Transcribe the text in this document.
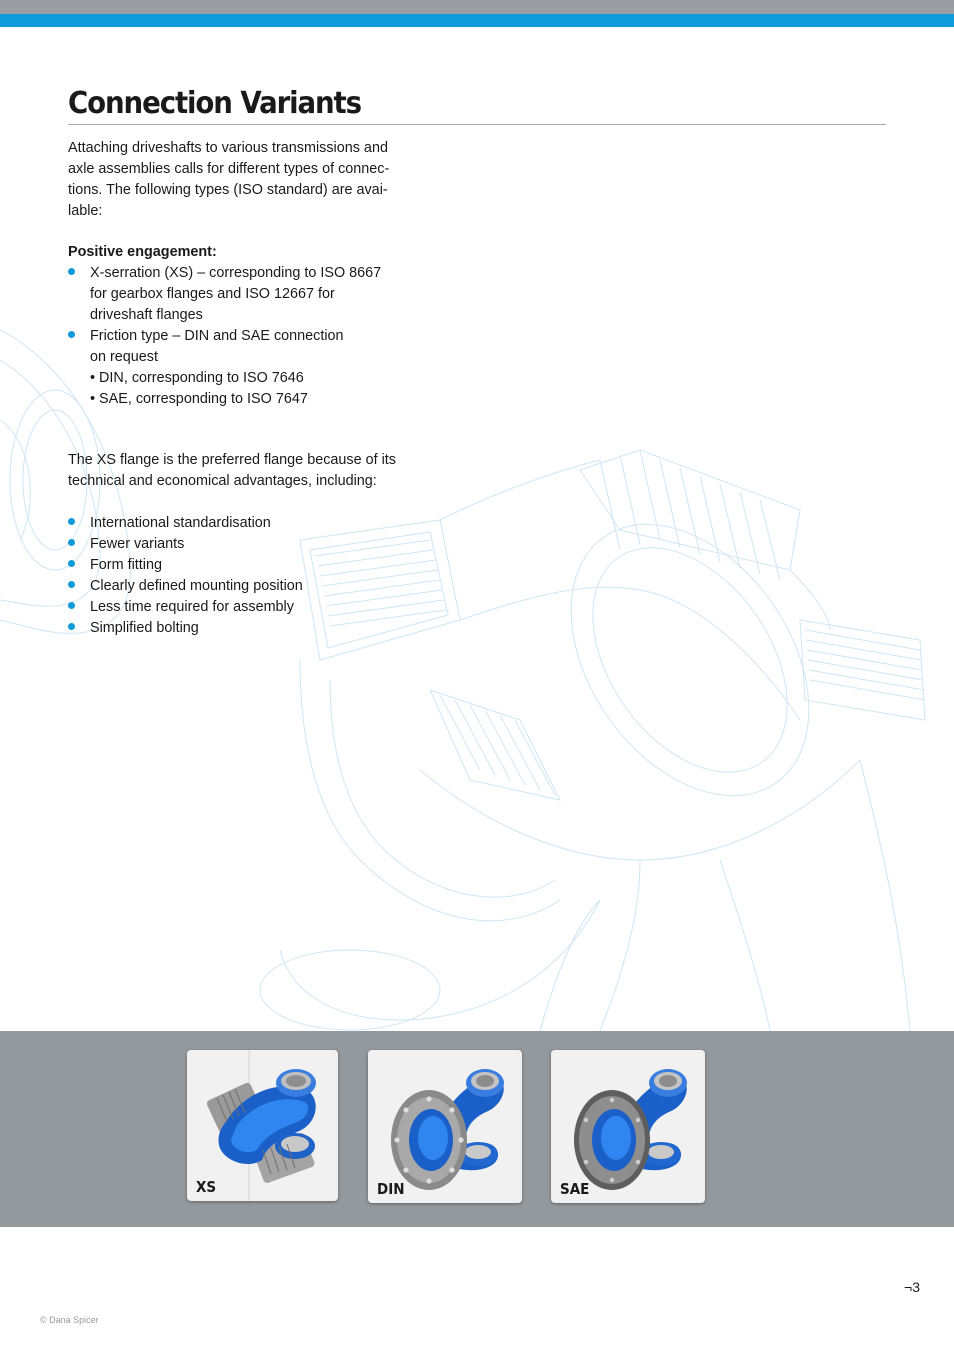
Connection Variants

Attaching driveshafts to various transmissions and axle assemblies calls for different types of connec-tions. The following types (ISO standard) are avai-lable:

Positive engagement:

X-serration (XS) – corresponding to ISO 8667
for gearbox flanges and ISO 12667 for
driveshaft flanges
Friction type – DIN and SAE connection
on request
• DIN, corresponding to ISO 7646
• SAE, corresponding to ISO 7647

The XS flange is the preferred flange because of its technical and economical advantages, including:

International standardisation
Fewer variants
Form fitting
Clearly defined mounting position
Less time required for assembly
Simplified bolting
XS	DIN	SAE
¬3
© Dana Spicer
